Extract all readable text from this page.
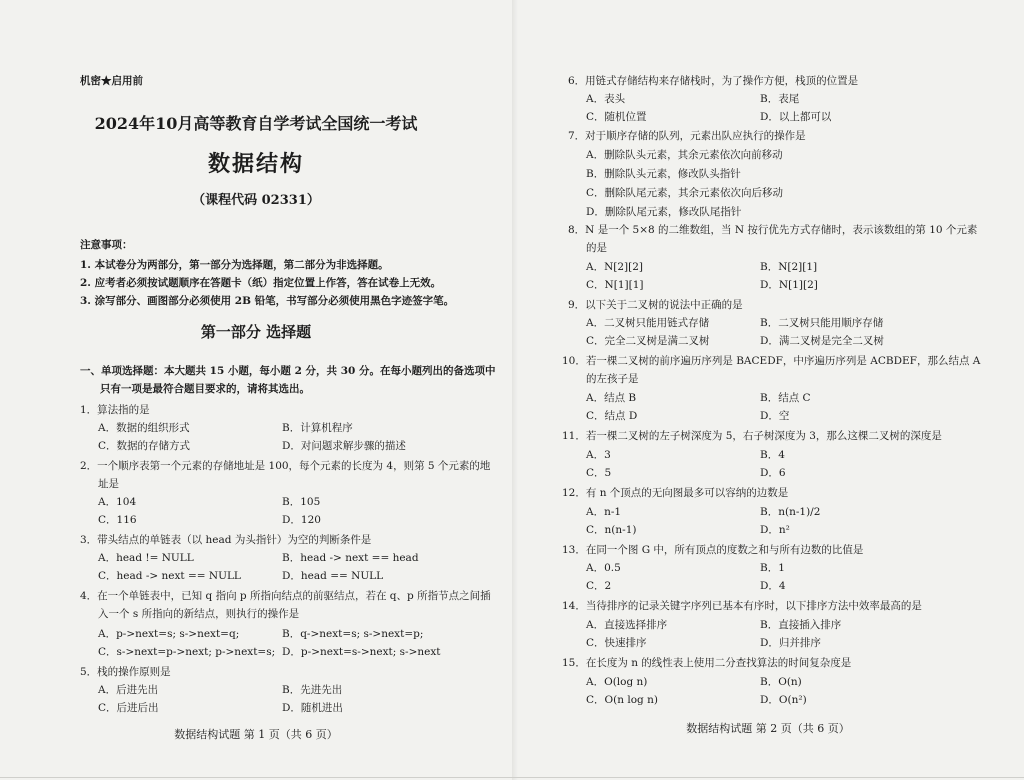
机密★启用前
2024年10月高等教育自学考试全国统一考试
数据结构
（课程代码 02331）
注意事项：
1. 本试卷分为两部分，第一部分为选择题，第二部分为非选择题。
2. 应考者必须按试题顺序在答题卡（纸）指定位置上作答，答在试卷上无效。
3. 涂写部分、画图部分必须使用 2B 铅笔，书写部分必须使用黑色字迹签字笔。
第一部分 选择题
一、单项选择题：本大题共 15 小题，每小题 2 分，共 30 分。在每小题列出的备选项中
只有一项是最符合题目要求的，请将其选出。
1．算法指的是
A．数据的组织形式	B．计算机程序
C．数据的存储方式	D．对问题求解步骤的描述
2．一个顺序表第一个元素的存储地址是 100，每个元素的长度为 4，则第 5 个元素的地
址是
A．104	B．105
C．116	D．120
3．带头结点的单链表（以 head 为头指针）为空的判断条件是
A．head != NULL	B．head -> next == head
C．head -> next == NULL	D．head == NULL
4．在一个单链表中，已知 q 指向 p 所指向结点的前驱结点，若在 q、p 所指节点之间插
入一个 s 所指向的新结点，则执行的操作是
A．p->next=s; s->next=q;	B．q->next=s; s->next=p;
C．s->next=p->next; p->next=s; D．p->next=s->next; s->next
5．栈的操作原则是
A．后进先出	B．先进先出
C．后进后出	D．随机进出
数据结构试题 第 1 页（共 6 页）
6．用链式存储结构来存储栈时，为了操作方便，栈顶的位置是
A．表头	B．表尾
C．随机位置	D．以上都可以
7．对于顺序存储的队列，元素出队应执行的操作是
A．删除队头元素，其余元素依次向前移动
B．删除队头元素，修改队头指针
C．删除队尾元素，其余元素依次向后移动
D．删除队尾元素，修改队尾指针
8．N 是一个 5×8 的二维数组，当 N 按行优先方式存储时，表示该数组的第 10 个元素
的是
A．N[2][2]	B．N[2][1]
C．N[1][1]	D．N[1][2]
9．以下关于二叉树的说法中正确的是
A．二叉树只能用链式存储	B．二叉树只能用顺序存储
C．完全二叉树是满二叉树	D．满二叉树是完全二叉树
10．若一棵二叉树的前序遍历序列是 BACEDF，中序遍历序列是 ACBDEF，那么结点 A
的左孩子是
A．结点 B	B．结点 C
C．结点 D	D．空
11．若一棵二叉树的左子树深度为 5，右子树深度为 3，那么这棵二叉树的深度是
A．3	B．4
C．5	D．6
12．有 n 个顶点的无向图最多可以容纳的边数是
A．n-1	B．n(n-1)/2
C．n(n-1)	D．n²
13．在同一个图 G 中，所有顶点的度数之和与所有边数的比值是
A．0.5	B．1
C．2	D．4
14．当待排序的记录关键字序列已基本有序时，以下排序方法中效率最高的是
A．直接选择排序	B．直接插入排序
C．快速排序	D．归并排序
15．在长度为 n 的线性表上使用二分查找算法的时间复杂度是
A．O(log n)	B．O(n)
C．O(n log n)	D．O(n²)
数据结构试题 第 2 页（共 6 页）
